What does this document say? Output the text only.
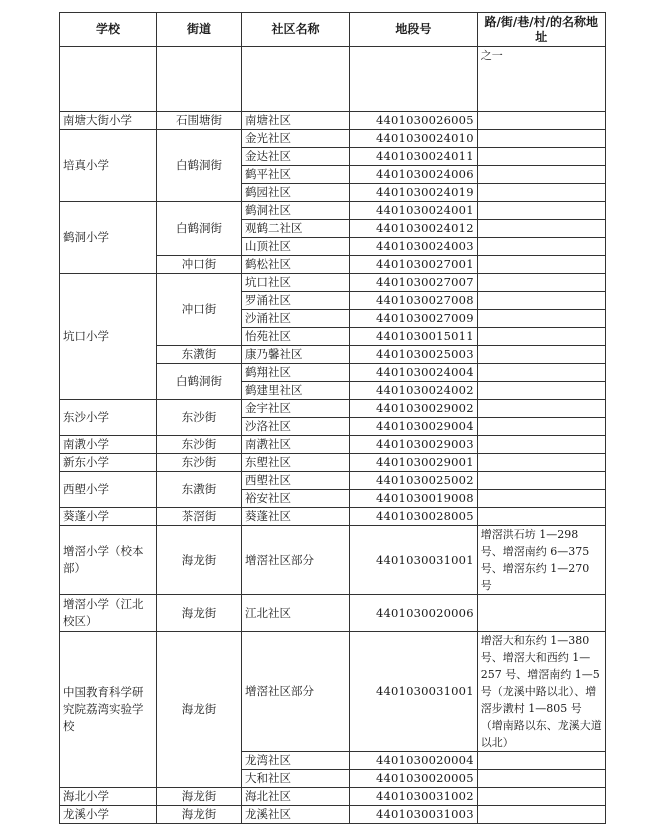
学校	街道	社区名称	地段号	路/街/巷/村/的名称地址
				之一
南塘大街小学	石围塘街	南塘社区	4401030026005	
培真小学	白鹤洞街	金光社区	4401030024010	
		金达社区	4401030024011	
		鹤平社区	4401030024006	
		鹤园社区	4401030024019	
鹤洞小学	白鹤洞街	鹤洞社区	4401030024001	
		观鹤二社区	4401030024012	
		山顶社区	4401030024003	
	冲口街	鹤松社区	4401030027001	
坑口小学	冲口街	坑口社区	4401030027007	
		罗涌社区	4401030027008	
		沙涌社区	4401030027009	
		怡苑社区	4401030015011	
	东漖街	康乃馨社区	4401030025003	
	白鹤洞街	鹤翔社区	4401030024004	
		鹤建里社区	4401030024002	
东沙小学	东沙街	金宇社区	4401030029002	
		沙洛社区	4401030029004	
南漖小学	东沙街	南漖社区	4401030029003	
新东小学	东沙街	东塱社区	4401030029001	
西塱小学	东漖街	西塱社区	4401030025002	
		裕安社区	4401030019008	
葵蓬小学	茶滘街	葵蓬社区	4401030028005	
增滘小学（校本部）	海龙街	增滘社区部分	4401030031001	增滘洪石坊 1—298 号、增滘南约 6—375 号、增滘东约 1—270 号
增滘小学（江北校区）	海龙街	江北社区	4401030020006	
中国教育科学研究院荔湾实验学校	海龙街	增滘社区部分	4401030031001	增滘大和东约 1—380 号、增滘大和西约 1—257 号、增滘南约 1—5 号（龙溪中路以北）、增滘步漖村 1—805 号（增南路以东、龙溪大道以北）
		龙湾社区	4401030020004	
		大和社区	4401030020005	
海北小学	海龙街	海北社区	4401030031002	
龙溪小学	海龙街	龙溪社区	4401030031003	
